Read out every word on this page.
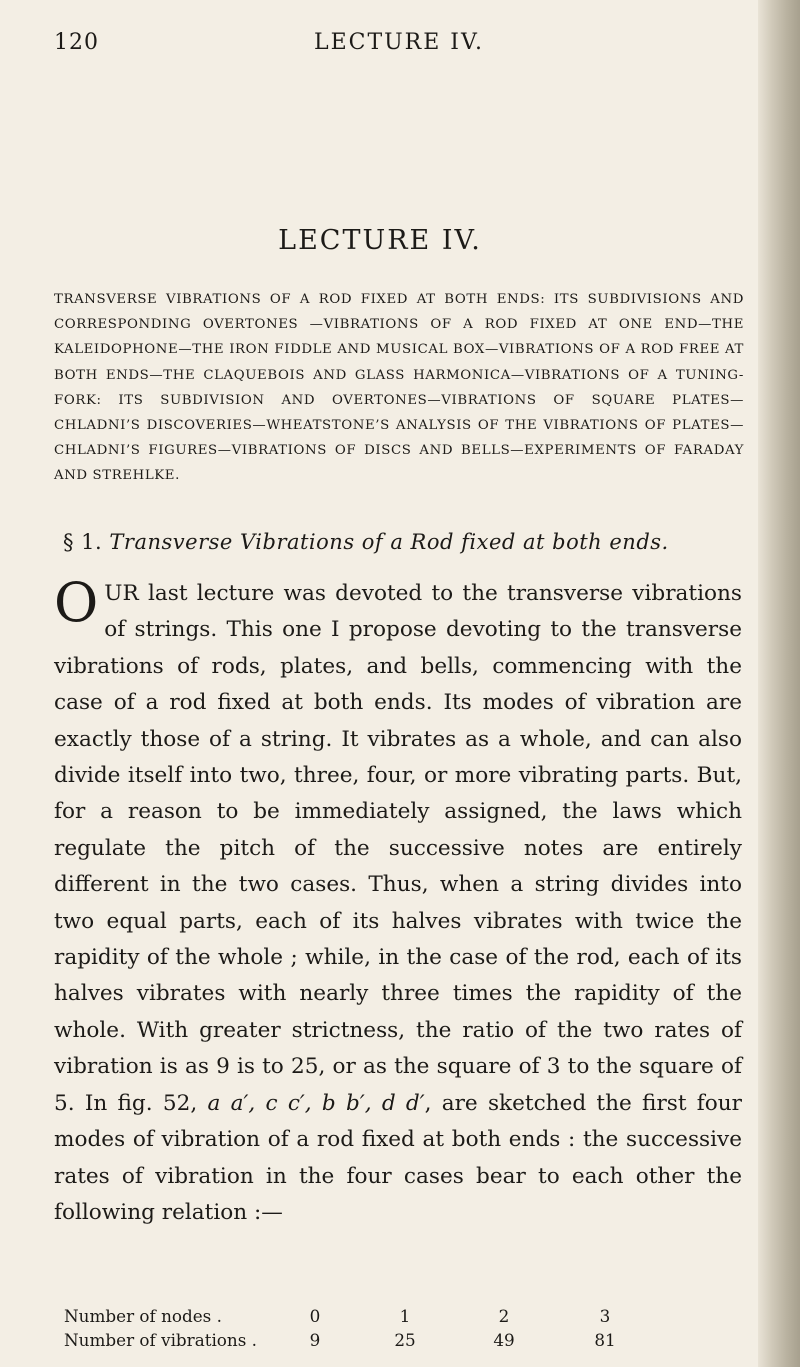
120	LECTURE IV.
LECTURE IV.
TRANSVERSE VIBRATIONS OF A ROD FIXED AT BOTH ENDS: ITS SUBDIVISIONS AND CORRESPONDING OVERTONES —VIBRATIONS OF A ROD FIXED AT ONE END—THE KALEIDOPHONE—THE IRON FIDDLE AND MUSICAL BOX—VIBRATIONS OF A ROD FREE AT BOTH ENDS—THE CLAQUEBOIS AND GLASS HARMONICA—VIBRATIONS OF A TUNING-FORK: ITS SUBDIVISION AND OVERTONES—VIBRATIONS OF SQUARE PLATES—CHLADNI’S DISCOVERIES—WHEATSTONE’S ANALYSIS OF THE VIBRATIONS OF PLATES—CHLADNI’S FIGURES—VIBRATIONS OF DISCS AND BELLS—EXPERIMENTS OF FARADAY AND STREHLKE.
§ 1. Transverse Vibrations of a Rod fixed at both ends.
OUR last lecture was devoted to the transverse vibrations of strings. This one I propose devoting to the transverse vibrations of rods, plates, and bells, commencing with the case of a rod fixed at both ends. Its modes of vibration are exactly those of a string. It vibrates as a whole, and can also divide itself into two, three, four, or more vibrating parts. But, for a reason to be immediately assigned, the laws which regulate the pitch of the successive notes are entirely different in the two cases. Thus, when a string divides into two equal parts, each of its halves vibrates with twice the rapidity of the whole ; while, in the case of the rod, each of its halves vibrates with nearly three times the rapidity of the whole. With greater strictness, the ratio of the two rates of vibration is as 9 is to 25, or as the square of 3 to the square of 5. In fig. 52, a a′, c c′, b b′, d d′, are sketched the first four modes of vibration of a rod fixed at both ends : the successive rates of vibration in the four cases bear to each other the following relation :—
Number of nodes .	0	1	2	3
Number of vibrations .	9	25	49	81
